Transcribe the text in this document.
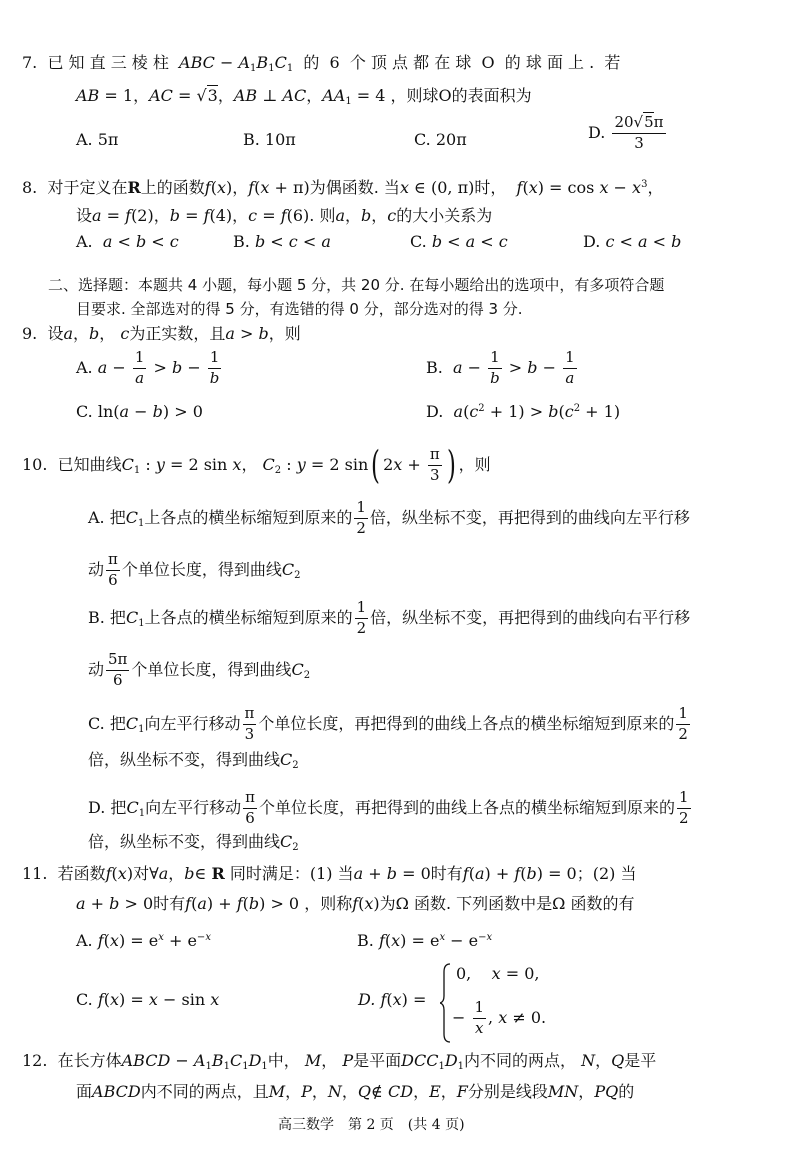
7.  已 知 直 三 棱 柱  ABC − $A_1B_1C_1$  的  6  个 顶 点 都 在 球  O  的 球 面 上 .  若
AB = 1，AC = √3，AB ⊥ AC，$AA_1 = 4$ ，则球O的表面积为
A. 5π	B. 10π	C. 20π	D. $\frac{20√5\pi}{3}$
8.  对于定义在R上的函数f(x)，f(x + π)为偶函数. 当x ∈ (0, π)时，  $f(x) = \cos x - x^3$，
设a = f(2)，b = f(4)，c = f(6). 则a，b，c的大小关系为
A.  a < b < c	B. b < c < a	C. b < a < c	D. c < a < b
二、选择题：本题共 4 小题，每小题 5 分，共 20 分. 在每小题给出的选项中，有多项符合题
目要求. 全部选对的得 5 分，有选错的得 0 分，部分选对的得 3 分.
9.  设a，b， c为正实数，且a > b，则
A. $a - \frac{1}{a} > b - \frac{1}{b}$	B.  $a - \frac{1}{b} > b - \frac{1}{a}$
C. ln(a − b) > 0	D.  $a(c^2 + 1) > b(c^2 + 1)$
10.  已知曲线$C_1$ : y = 2 sin x， $C_2$ : y = 2 sin( $2x + \frac{\pi}{3}$ ) ，则
A. 把$C_1$上各点的横坐标缩短到原来的 $\frac{1}{2}$ 倍，纵坐标不变，再把得到的曲线向左平行移
动 $\frac{\pi}{6}$ 个单位长度，得到曲线$C_2$
B. 把$C_1$上各点的横坐标缩短到原来的 $\frac{1}{2}$ 倍，纵坐标不变，再把得到的曲线向右平行移
动 $\frac{5\pi}{6}$ 个单位长度，得到曲线$C_2$
C. 把$C_1$向左平行移动 $\frac{\pi}{3}$ 个单位长度，再把得到的曲线上各点的横坐标缩短到原来的 $\frac{1}{2}$
倍，纵坐标不变，得到曲线$C_2$
D. 把$C_1$向左平行移动 $\frac{\pi}{6}$ 个单位长度，再把得到的曲线上各点的横坐标缩短到原来的 $\frac{1}{2}$
倍，纵坐标不变，得到曲线$C_2$
11.  若函数f(x)对∀a，b∈ R 同时满足：(1) 当a + b = 0时有f(a) + f(b) = 0；(2) 当
a + b > 0时有f(a) + f(b) > 0 ，则称f(x)为Ω 函数. 下列函数中是Ω 函数的有
A. $f(x) = e^x + e^{-x}$	B. $f(x) = e^x - e^{-x}$
C. f(x) = x − sin x	D. f(x) =
0,    x = 0,
− $\frac{1}{x}$ , x ≠ 0.
12.  在长方体ABCD − $A_1B_1C_1D_1$中， M， P是平面$DCC_1D_1$内不同的两点， N，Q是平
面ABCD内不同的两点，且M，P，N，Q∉ CD，E，F分别是线段MN，PQ的
高三数学　第 2 页　(共 4 页)
